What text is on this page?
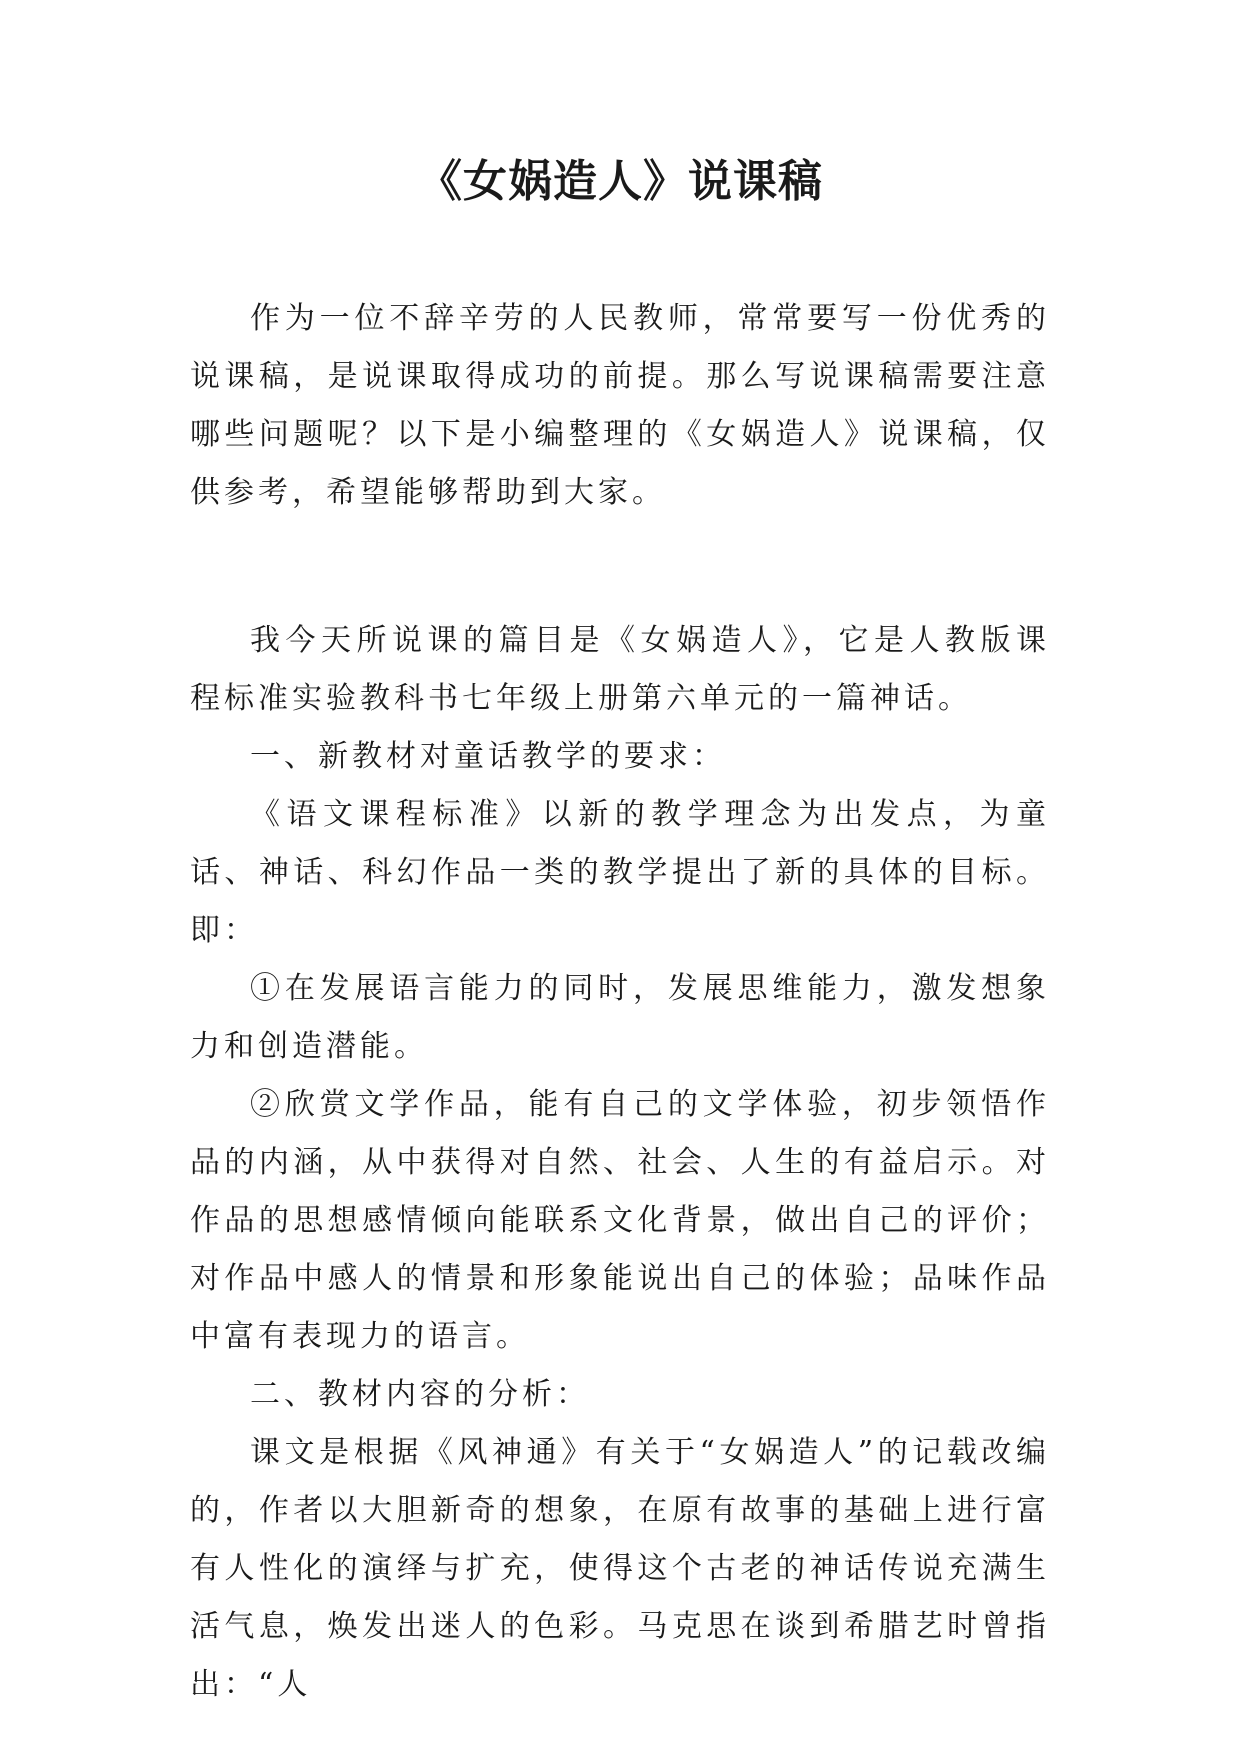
《女娲造人》说课稿

作为一位不辞辛劳的人民教师，常常要写一份优秀的说课稿，是说课取得成功的前提。那么写说课稿需要注意哪些问题呢？以下是小编整理的《女娲造人》说课稿，仅供参考，希望能够帮助到大家。

我今天所说课的篇目是《女娲造人》，它是人教版课程标准实验教科书七年级上册第六单元的一篇神话。

一、新教材对童话教学的要求：

《语文课程标准》以新的教学理念为出发点，为童话、神话、科幻作品一类的教学提出了新的具体的目标。即：

①在发展语言能力的同时，发展思维能力，激发想象力和创造潜能。

②欣赏文学作品，能有自己的文学体验，初步领悟作品的内涵，从中获得对自然、社会、人生的有益启示。对作品的思想感情倾向能联系文化背景，做出自己的评价；对作品中感人的情景和形象能说出自己的体验；品味作品中富有表现力的语言。

二、教材内容的分析：

课文是根据《风神通》有关于“女娲造人”的记载改编的，作者以大胆新奇的想象，在原有故事的基础上进行富有人性化的演绎与扩充，使得这个古老的神话传说充满生活气息，焕发出迷人的色彩。马克思在谈到希腊艺时曾指出：“人
